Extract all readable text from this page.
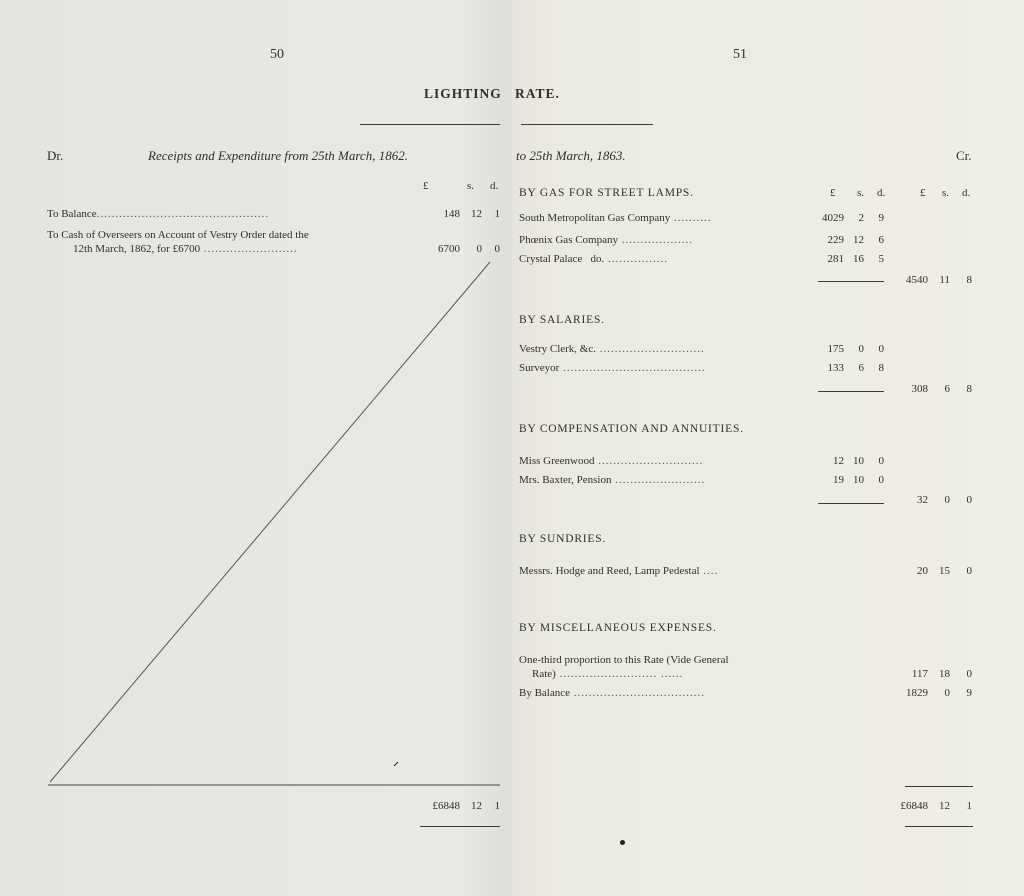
50	51
LIGHTING RATE.
Dr.	Receipts and Expenditure from 25th March, 1862.	to 25th March, 1863.	Cr.
£	s. d.
To Balance..............................................	148	12	1
To Cash of Overseers on Account of Vestry Order dated the
12th March, 1862, for £6700 .........................	6700	0	0
£6848	12	1
£ s. d.	£ s. d.
BY GAS FOR STREET LAMPS.
South Metropolitan Gas Company ..........	4029	2	9
Phœnix Gas Company ...................	229 12	6
Crystal Palace   do. ................	281 16	5
4540	11	8
BY SALARIES.
Vestry Clerk, &c. ............................	175	0	0
Surveyor ......................................	133	6	8
308	6	8
BY COMPENSATION AND ANNUITIES.
Miss Greenwood ............................	12 10	0
Mrs. Baxter, Pension ........................	19 10	0
32	0	0
BY SUNDRIES.
Messrs. Hodge and Reed, Lamp Pedestal ....	20	15	0
BY MISCELLANEOUS EXPENSES.
One-third proportion to this Rate (Vide General
Rate) .......................... ......	117	18	0
By Balance ...................................	1829	0	9
£6848	12	1
